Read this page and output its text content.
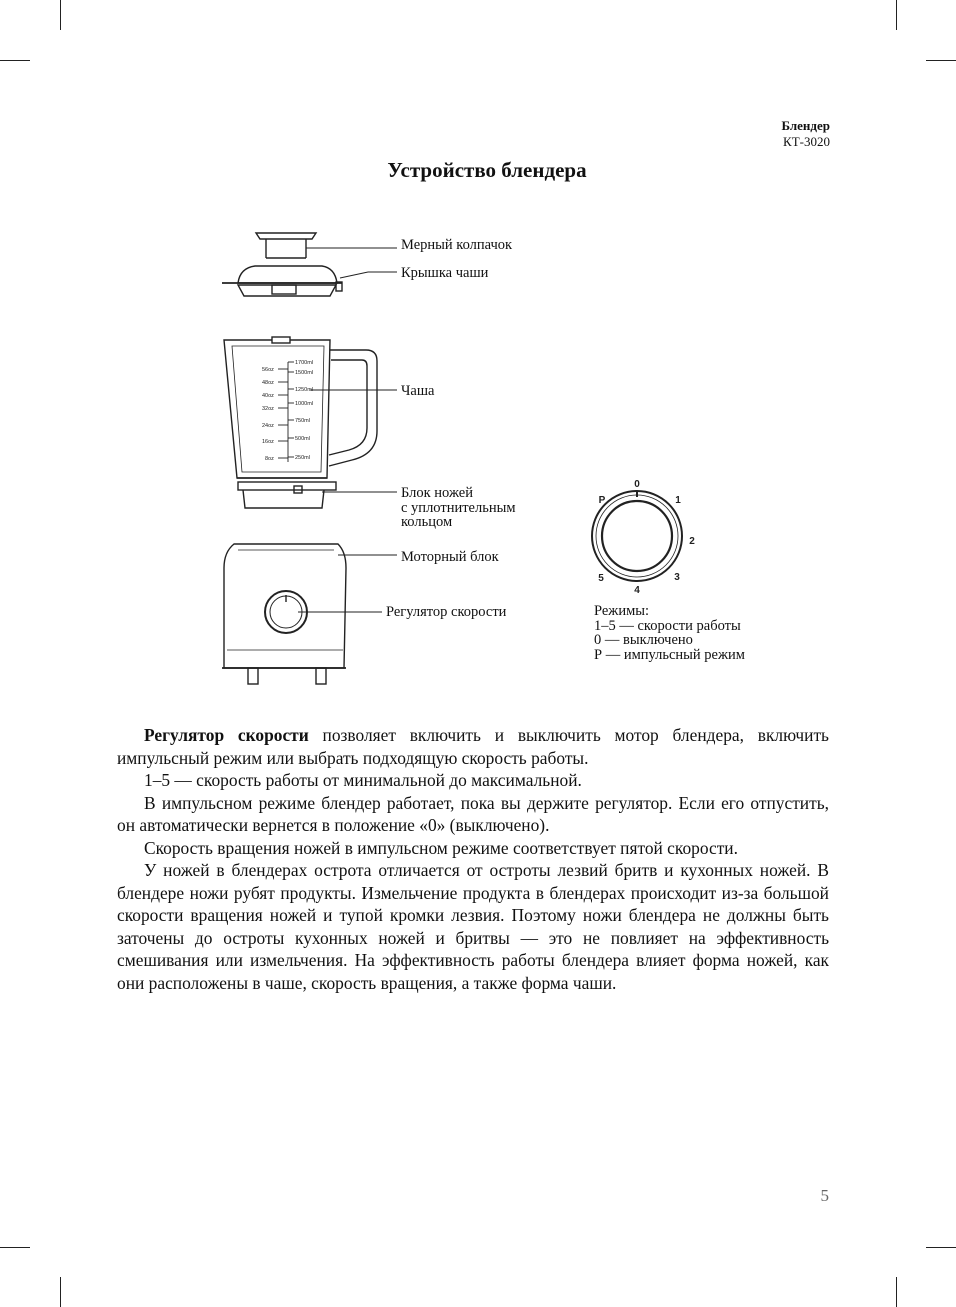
Блендер
КТ-3020
Устройство блендера
56oz
48oz
40oz
32oz
24oz
16oz
8oz
1700ml
1500ml
1250ml
1000ml
750ml
500ml
250ml
0
1
2
3
4
5
P
Мерный колпачок
Крышка чаши
Чаша
Блок ножей
с уплотнительным
кольцом
Моторный блок
Регулятор скорости	Режимы:
1–5 — скорости работы
0 — выключено
Р — импульсный режим

Регулятор скорости позволяет включить и выключить мотор блендера, включить импульсный режим или выбрать подходящую скорость работы.

1–5 — скорость работы от минимальной до максимальной.

В импульсном режиме блендер работает, пока вы держите регулятор. Если его отпустить, он автоматически вернется в положение «0» (выключено).

Скорость вращения ножей в импульсном режиме соответствует пятой скорости.

У ножей в блендерах острота отличается от остроты лезвий бритв и кухонных ножей. В блендере ножи рубят продукты. Измельчение продукта в блендерах происходит из-за большой скорости вращения ножей и тупой кромки лезвия. Поэтому ножи блендера не должны быть заточены до остроты кухонных ножей и бритвы — это не повлияет на эффективность смешивания или измельчения. На эффективность работы блендера влияет форма ножей, как они расположены в чаше, скорость вращения, а также форма чаши.

5
